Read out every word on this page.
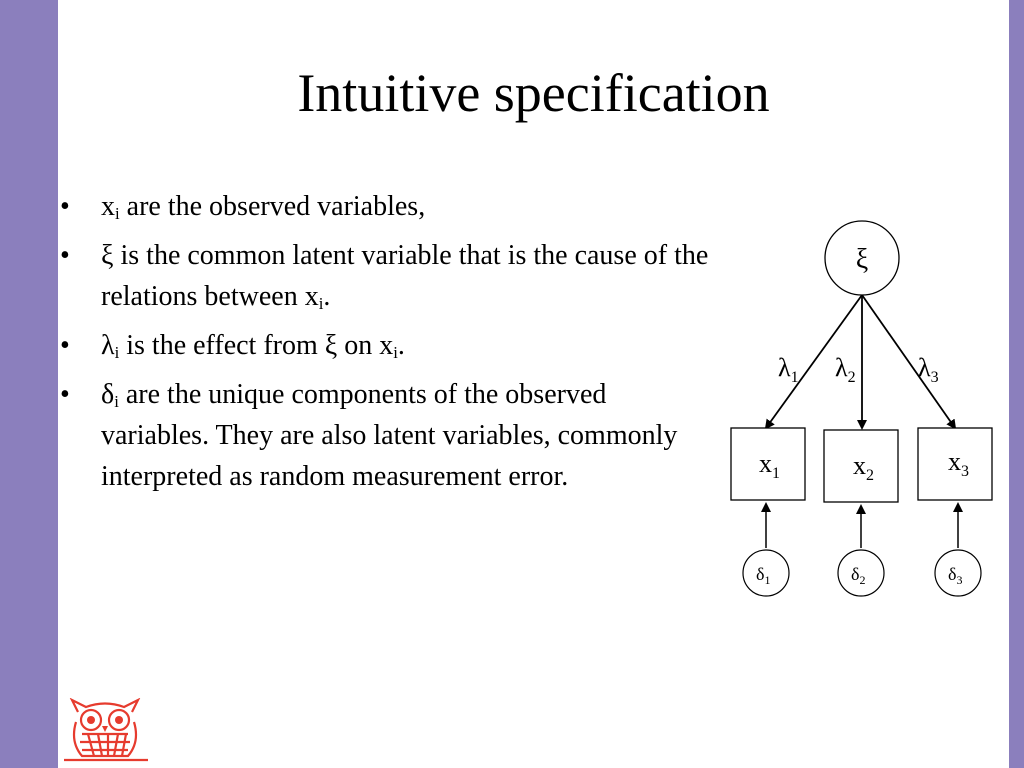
Intuitive specification
• $x_i$ are the observed variables,
• ξ is the common latent variable that is the cause of the relations between $x_i$.
• $\lambda_i$ is the effect from ξ on $x_i$.
• $\delta_i$ are the unique components of the observed variables. They are also latent variables, commonly interpreted as random measurement error.
ξ
$\lambda_1$ $\lambda_2$ $\lambda_3$
$x_1$	$x_2$	$x_3$
$\delta_1$	$\delta_2$	$\delta_3$
